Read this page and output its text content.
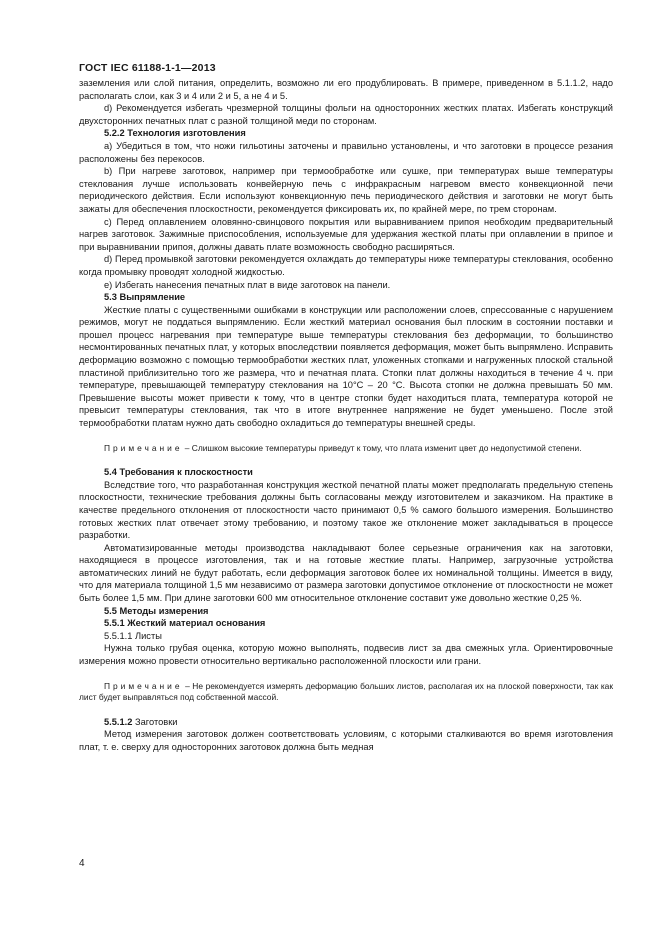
ГОСТ IEC 61188-1-1—2013

заземления или слой питания, определить, возможно ли его продублировать. В примере, приведенном в 5.1.1.2, надо располагать слои, как 3 и 4 или 2 и 5, а не 4 и 5.

d) Рекомендуется избегать чрезмерной толщины фольги на односторонних жестких платах. Избегать конструкций двухсторонних печатных плат с разной толщиной меди по сторонам.

5.2.2 Технология изготовления

a) Убедиться в том, что ножи гильотины заточены и правильно установлены, и что заготовки в процессе резания расположены без перекосов.

b) При нагреве заготовок, например при термообработке или сушке, при температурах выше температуры стеклования лучше использовать конвейерную печь с инфракрасным нагревом вместо конвекционной печи периодического действия. Если используют конвекционную печь периодического действия и заготовки не могут быть зажаты для обеспечения плоскостности, рекомендуется фиксировать их, по крайней мере, по трем сторонам.

c) Перед оплавлением оловянно-свинцового покрытия или выравниванием припоя необходим предварительный нагрев заготовок. Зажимные приспособления, используемые для удержания жесткой платы при оплавлении в припое и при выравнивании припоя, должны давать плате возможность свободно расширяться.

d) Перед промывкой заготовки рекомендуется охлаждать до температуры ниже температуры стеклования, особенно когда промывку проводят холодной жидкостью.

e) Избегать нанесения печатных плат в виде заготовок на панели.

5.3 Выпрямление

Жесткие платы с существенными ошибками в конструкции или расположении слоев, спрессованные с нарушением режимов, могут не поддаться выпрямлению. Если жесткий материал основания был плоским в состоянии поставки и прошел процесс нагревания при температуре выше температуры стеклования без деформации, то большинство несмонтированных печатных плат, у которых впоследствии появляется деформация, может быть выпрямлено. Исправить деформацию возможно с помощью термообработки жестких плат, уложенных стопками и нагруженных плоской стальной пластиной приблизительно того же размера, что и печатная плата. Стопки плат должны находиться в течение 4 ч. при температуре, превышающей температуру стеклования на 10°C – 20 °C. Высота стопки не должна превышать 50 мм. Превышение высоты может привести к тому, что в центре стопки будет находиться плата, температура которой не превысит температуры стеклования, так что в итоге внутреннее напряжение не будет уменьшено. После этой термообработки платам нужно дать свободно охладиться до температуры внешней среды.

Примечание – Слишком высокие температуры приведут к тому, что плата изменит цвет до недопустимой степени.

5.4 Требования к плоскостности

Вследствие того, что разработанная конструкция жесткой печатной платы может предполагать предельную степень плоскостности, технические требования должны быть согласованы между изготовителем и заказчиком. На практике в качестве предельного отклонения от плоскостности часто принимают 0,5 % самого большого измерения. Большинство готовых жестких плат отвечает этому требованию, и поэтому такое же отклонение может закладываться в процессе разработки.

Автоматизированные методы производства накладывают более серьезные ограничения как на заготовки, находящиеся в процессе изготовления, так и на готовые жесткие платы. Например, загрузочные устройства автоматических линий не будут работать, если деформация заготовок более их номинальной толщины. Имеется в виду, что для материала толщиной 1,5 мм независимо от размера заготовки допустимое отклонение от плоскостности не может быть более 1,5 мм. При длине заготовки 600 мм относительное отклонение составит уже довольно жесткие 0,25 %.

5.5 Методы измерения

5.5.1 Жесткий материал основания

5.5.1.1 Листы

Нужна только грубая оценка, которую можно выполнять, подвесив лист за два смежных угла. Ориентировочные измерения можно провести относительно вертикально расположенной плоскости или грани.

Примечание – Не рекомендуется измерять деформацию больших листов, располагая их на плоской поверхности, так как лист будет выправляться под собственной массой.

5.5.1.2 Заготовки

Метод измерения заготовок должен соответствовать условиям, с которыми сталкиваются во время изготовления плат, т. е. сверху для односторонних заготовок должна быть медная

4
